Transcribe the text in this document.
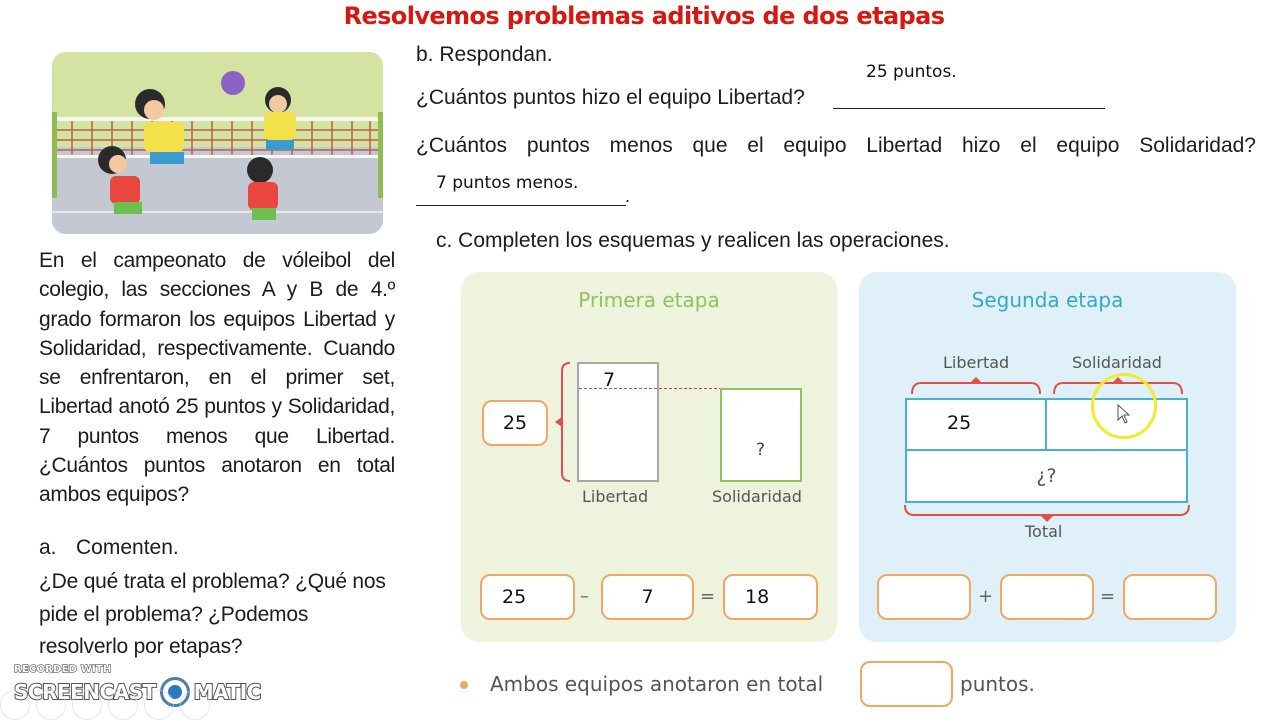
Resolvemos problemas aditivos de dos etapas
En el campeonato de vóleibol del colegio, las secciones A y B de 4.º grado formaron los equipos Libertad y Solidaridad, respectivamente. Cuando se enfrentaron, en el primer set, Libertad anotó 25 puntos y Solidaridad, 7 puntos menos que Libertad. ¿Cuántos puntos anotaron en total ambos equipos?
a. Comenten.
¿De qué trata el problema? ¿Qué nos pide el problema? ¿Podemos resolverlo por etapas?
RECORDED WITH
SCREENCAST MATIC
b. Respondan.
25 puntos.
¿Cuántos puntos hizo el equipo Libertad?
¿Cuántos puntos menos que el equipo Libertad hizo el equipo Solidaridad?
7 puntos menos.
.
c. Completen los esquemas y realicen las operaciones.
Primera etapa
25
7
?
Libertad	Solidaridad
25	–	7	=	18
Segunda etapa
Libertad	Solidaridad
25
¿?
Total
+	=
Ambos equipos anotaron en total	puntos.
